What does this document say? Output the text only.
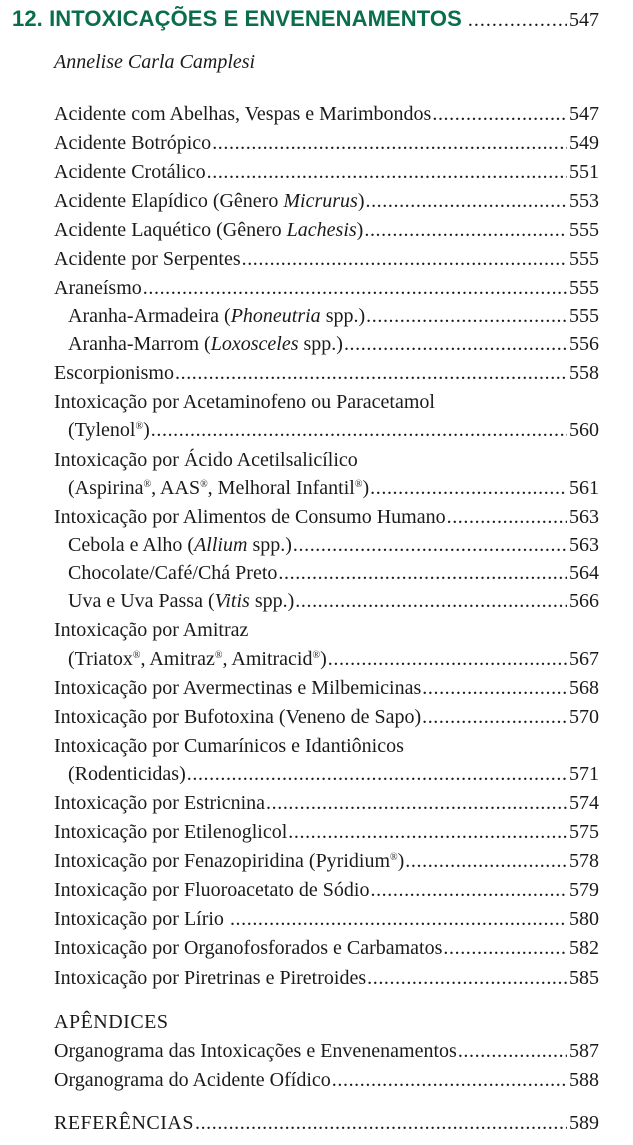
12. INTOXICAÇÕES E ENVENENAMENTOS .....	547
Annelise Carla Camplesi
Acidente com Abelhas, Vespas e Marimbondos .....	547
Acidente Botrópico .....	549
Acidente Crotálico .....	551
Acidente Elapídico (Gênero Micrurus) .....	553
Acidente Laquético (Gênero Lachesis) .....	555
Acidente por Serpentes .....	555
Araneísmo .....	555
Aranha-Armadeira (Phoneutria spp.) .....	555
Aranha-Marrom (Loxosceles spp.) .....	556
Escorpionismo .....	558
Intoxicação por Acetaminofeno ou Paracetamol
(Tylenol®) .....	560
Intoxicação por Ácido Acetilsalicílico
(Aspirina®, AAS®, Melhoral Infantil®) .....	561
Intoxicação por Alimentos de Consumo Humano .....	563
Cebola e Alho (Allium spp.) .....	563
Chocolate/Café/Chá Preto .....	564
Uva e Uva Passa (Vitis spp.) .....	566
Intoxicação por Amitraz
(Triatox®, Amitraz®, Amitracid®) .....	567
Intoxicação por Avermectinas e Milbemicinas .....	568
Intoxicação por Bufotoxina (Veneno de Sapo) .....	570
Intoxicação por Cumarínicos e Idantiônicos
(Rodenticidas) .....	571
Intoxicação por Estricnina .....	574
Intoxicação por Etilenoglicol .....	575
Intoxicação por Fenazopiridina (Pyridium®) .....	578
Intoxicação por Fluoroacetato de Sódio .....	579
Intoxicação por Lírio .....	580
Intoxicação por Organofosforados e Carbamatos .....	582
Intoxicação por Piretrinas e Piretroides .....	585
APÊNDICES
Organograma das Intoxicações e Envenenamentos .....	587
Organograma do Acidente Ofídico .....	588
REFERÊNCIAS .....	589
